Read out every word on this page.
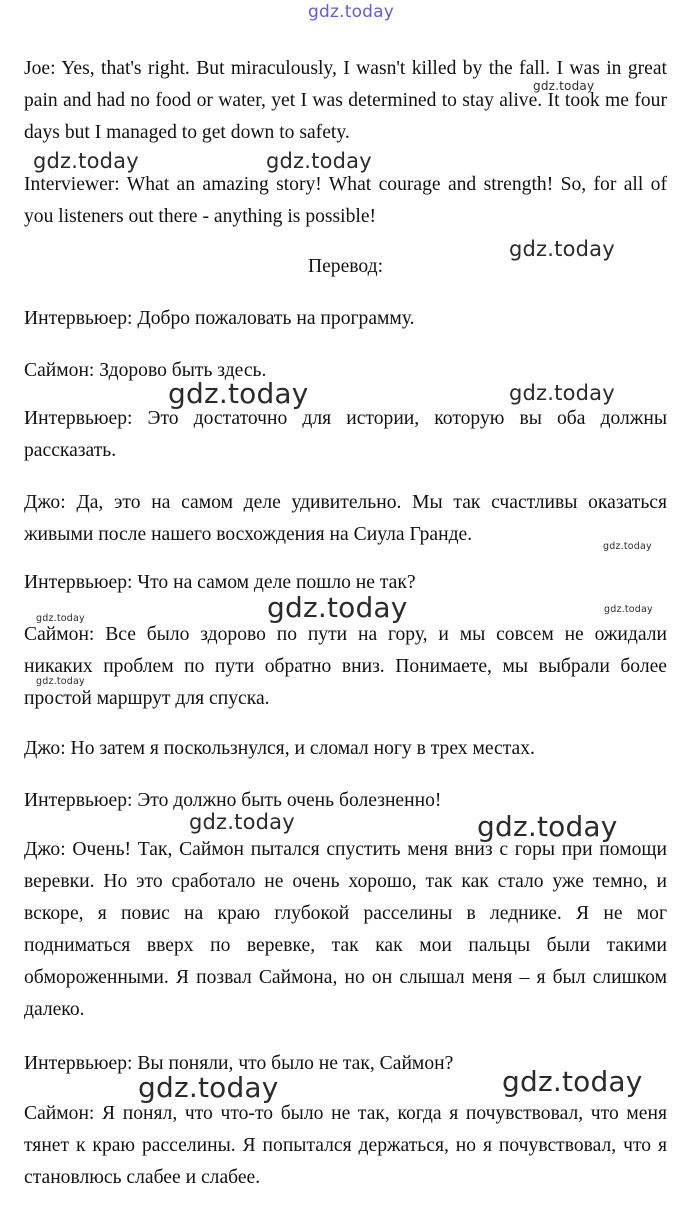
Joe: Yes, that's right. But miraculously, I wasn't killed by the fall. I was in great pain and had no food or water, yet I was determined to stay alive. It took me four days but I managed to get down to safety.

Interviewer: What an amazing story! What courage and strength! So, for all of you listeners out there - anything is possible!

Перевод:

Интервьюер: Добро пожаловать на программу.

Саймон: Здорово быть здесь.

Интервьюер: Это достаточно для истории, которую вы оба должны рассказать.

Джо: Да, это на самом деле удивительно. Мы так счастливы оказаться живыми после нашего восхождения на Сиула Гранде.

Интервьюер: Что на самом деле пошло не так?

Саймон: Все было здорово по пути на гору, и мы совсем не ожидали никаких проблем по пути обратно вниз. Понимаете, мы выбрали более простой маршрут для спуска.

Джо: Но затем я поскользнулся, и сломал ногу в трех местах.

Интервьюер: Это должно быть очень болезненно!

Джо: Очень! Так, Саймон пытался спустить меня вниз с горы при помощи веревки. Но это сработало не очень хорошо, так как стало уже темно, и вскоре, я повис на краю глубокой расселины в леднике. Я не мог подниматься вверх по веревке, так как мои пальцы были такими обмороженными. Я позвал Саймона, но он слышал меня – я был слишком далеко.

Интервьюер: Вы поняли, что было не так, Саймон?

Саймон: Я понял, что что-то было не так, когда я почувствовал, что меня тянет к краю расселины. Я попытался держаться, но я почувствовал, что я становлюсь слабее и слабее.

gdz.today
gdz.today
gdz.today	gdz.today
gdz.today
gdz.today	gdz.today
gdz.today
gdz.today
gdz.today
gdz.today
gdz.today
gdz.today	gdz.today
gdz.today	gdz.today
